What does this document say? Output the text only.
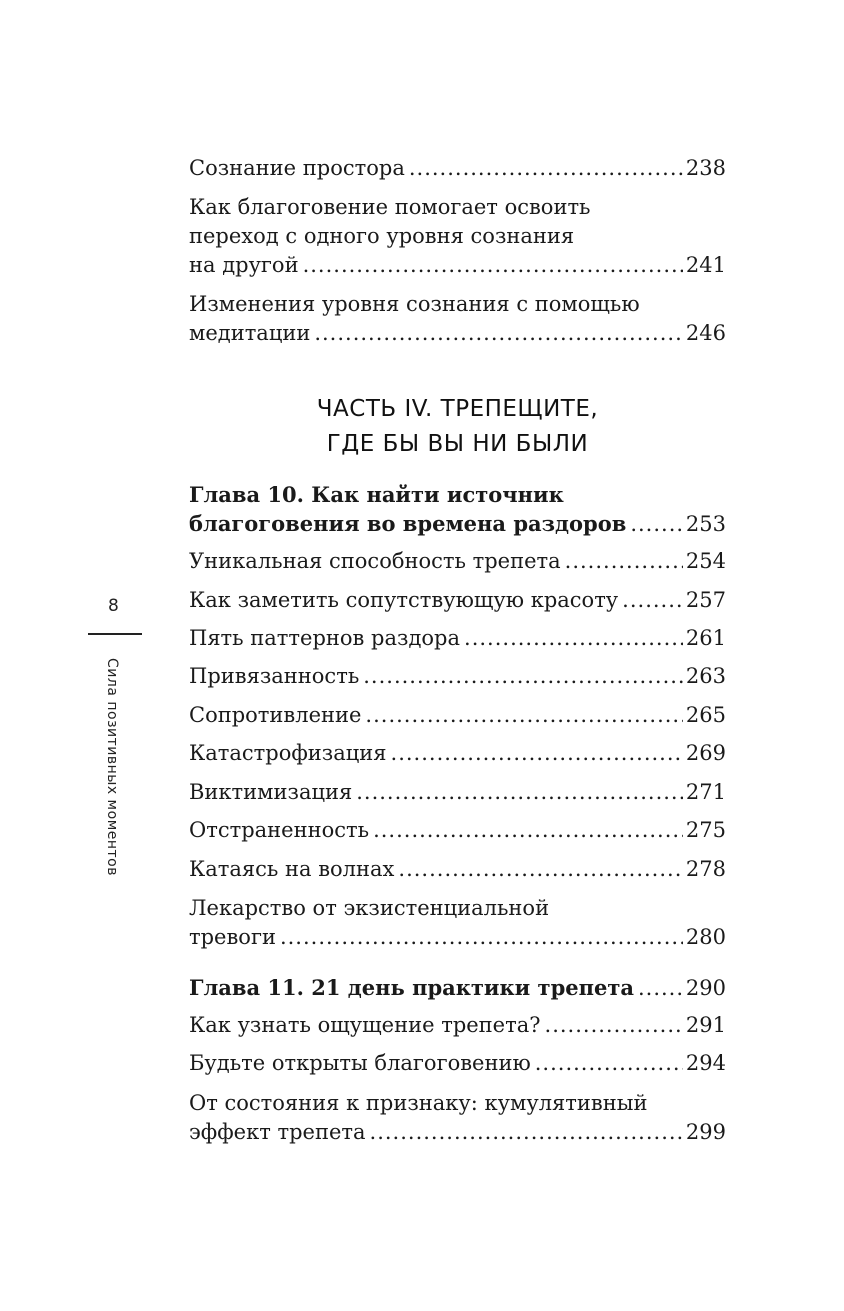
Сознание простора .....	238
Как благоговение помогает освоить
переход с одного уровня сознания
на другой .....	241
Изменения уровня сознания с помощью
медитации .....	246
ЧАСТЬ IV. ТРЕПЕЩИТЕ,
ГДЕ БЫ ВЫ НИ БЫЛИ
Глава 10. Как найти источник
благоговения во времена раздоров .....	253
Уникальная способность трепета .....	254
Как заметить сопутствующую красоту .....	257
Пять паттернов раздора .....	261
Привязанность .....	263
Сопротивление .....	265
Катастрофизация .....	269
Виктимизация .....	271
Отстраненность .....	275
Катаясь на волнах .....	278
Лекарство от экзистенциальной
тревоги .....	280
Глава 11. 21 день практики трепета ..... 290
Как узнать ощущение трепета? .....	291
Будьте открыты благоговению .....	294
От состояния к признаку: кумулятивный
эффект трепета .....	299
8
Сила позитивных моментов
